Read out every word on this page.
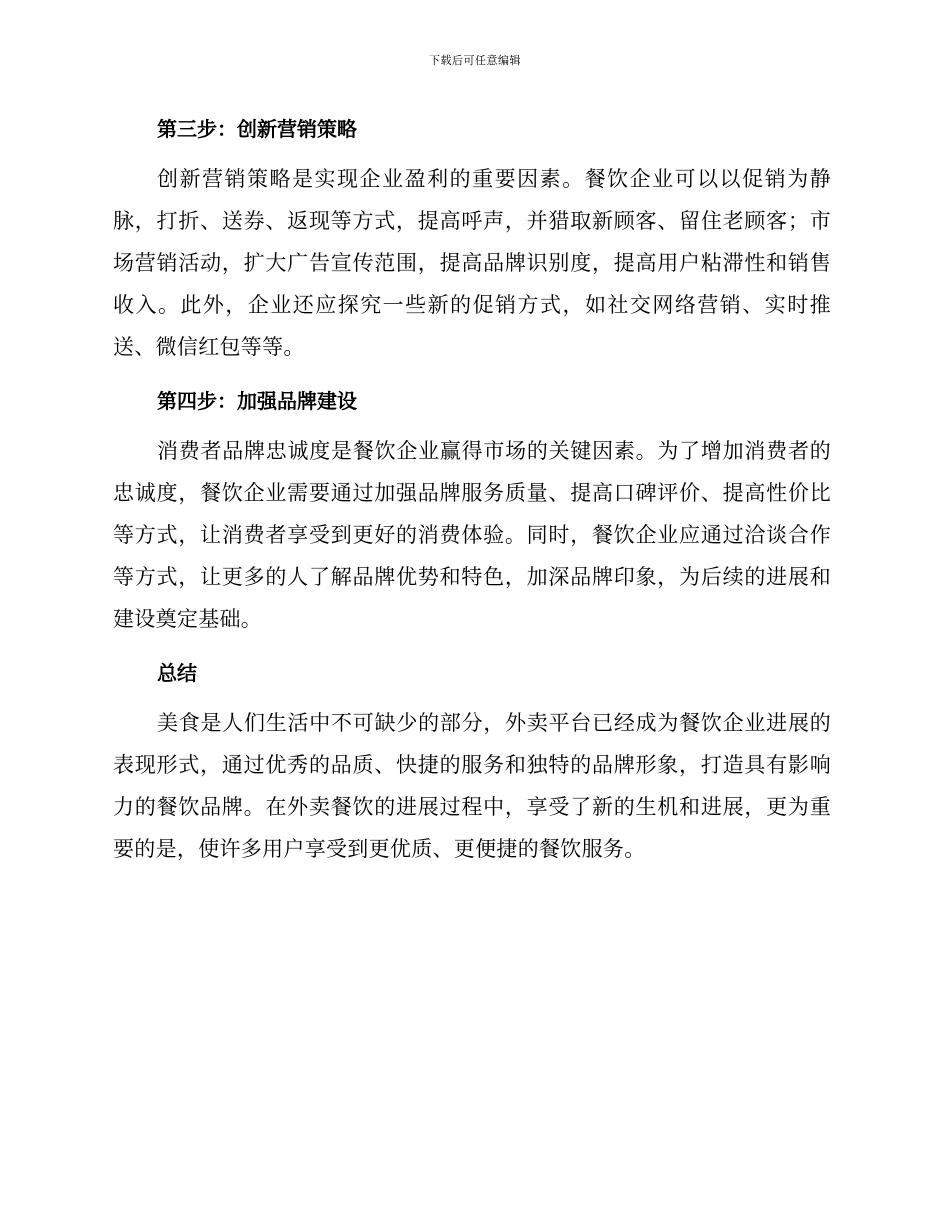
下载后可任意编辑
第三步：创新营销策略

创新营销策略是实现企业盈利的重要因素。餐饮企业可以以促销为静脉，打折、送券、返现等方式，提高呼声，并猎取新顾客、留住老顾客；市场营销活动，扩大广告宣传范围，提高品牌识别度，提高用户粘滞性和销售收入。此外，企业还应探究一些新的促销方式，如社交网络营销、实时推送、微信红包等等。

第四步：加强品牌建设

消费者品牌忠诚度是餐饮企业赢得市场的关键因素。为了增加消费者的忠诚度，餐饮企业需要通过加强品牌服务质量、提高口碑评价、提高性价比等方式，让消费者享受到更好的消费体验。同时，餐饮企业应通过洽谈合作等方式，让更多的人了解品牌优势和特色，加深品牌印象，为后续的进展和建设奠定基础。

总结

美食是人们生活中不可缺少的部分，外卖平台已经成为餐饮企业进展的表现形式，通过优秀的品质、快捷的服务和独特的品牌形象，打造具有影响力的餐饮品牌。在外卖餐饮的进展过程中，享受了新的生机和进展，更为重要的是，使许多用户享受到更优质、更便捷的餐饮服务。
